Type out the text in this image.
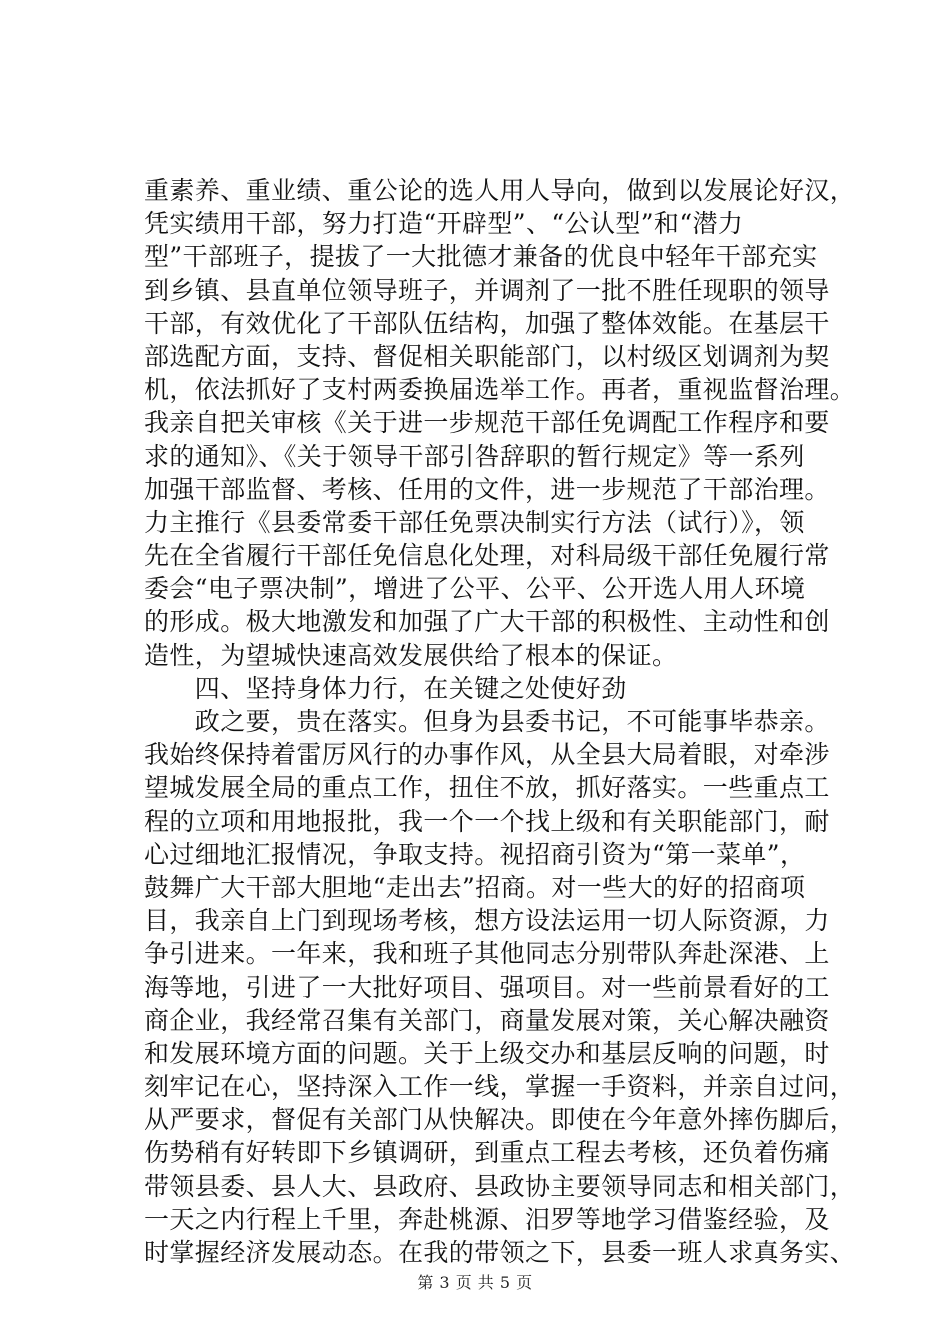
重素养、重业绩、重公论的选人用人导向，做到以发展论好汉，
凭实绩用干部，努力打造“开辟型”、“公认型”和“潜力
型”干部班子，提拔了一大批德才兼备的优良中轻年干部充实
到乡镇、县直单位领导班子，并调剂了一批不胜任现职的领导
干部，有效优化了干部队伍结构，加强了整体效能。在基层干
部选配方面，支持、督促相关职能部门，以村级区划调剂为契
机，依法抓好了支村两委换届选举工作。再者，重视监督治理。
我亲自把关审核《关于进一步规范干部任免调配工作程序和要
求的通知》、《关于领导干部引咎辞职的暂行规定》等一系列
加强干部监督、考核、任用的文件，进一步规范了干部治理。
力主推行《县委常委干部任免票决制实行方法（试行）》，领
先在全省履行干部任免信息化处理，对科局级干部任免履行常
委会“电子票决制”，增进了公平、公平、公开选人用人环境
的形成。极大地激发和加强了广大干部的积极性、主动性和创
造性，为望城快速高效发展供给了根本的保证。
　　四、坚持身体力行，在关键之处使好劲
　　政之要，贵在落实。但身为县委书记，不可能事毕恭亲。
我始终保持着雷厉风行的办事作风，从全县大局着眼，对牵涉
望城发展全局的重点工作，扭住不放，抓好落实。一些重点工
程的立项和用地报批，我一个一个找上级和有关职能部门，耐
心过细地汇报情况，争取支持。视招商引资为“第一菜单”，
鼓舞广大干部大胆地“走出去”招商。对一些大的好的招商项
目，我亲自上门到现场考核，想方设法运用一切人际资源，力
争引进来。一年来，我和班子其他同志分别带队奔赴深港、上
海等地，引进了一大批好项目、强项目。对一些前景看好的工
商企业，我经常召集有关部门，商量发展对策，关心解决融资
和发展环境方面的问题。关于上级交办和基层反响的问题，时
刻牢记在心，坚持深入工作一线，掌握一手资料，并亲自过问，
从严要求，督促有关部门从快解决。即使在今年意外摔伤脚后，
伤势稍有好转即下乡镇调研，到重点工程去考核，还负着伤痛
带领县委、县人大、县政府、县政协主要领导同志和相关部门，
一天之内行程上千里，奔赴桃源、汨罗等地学习借鉴经验，及
时掌握经济发展动态。在我的带领之下，县委一班人求真务实、
第 3 页 共 5 页
